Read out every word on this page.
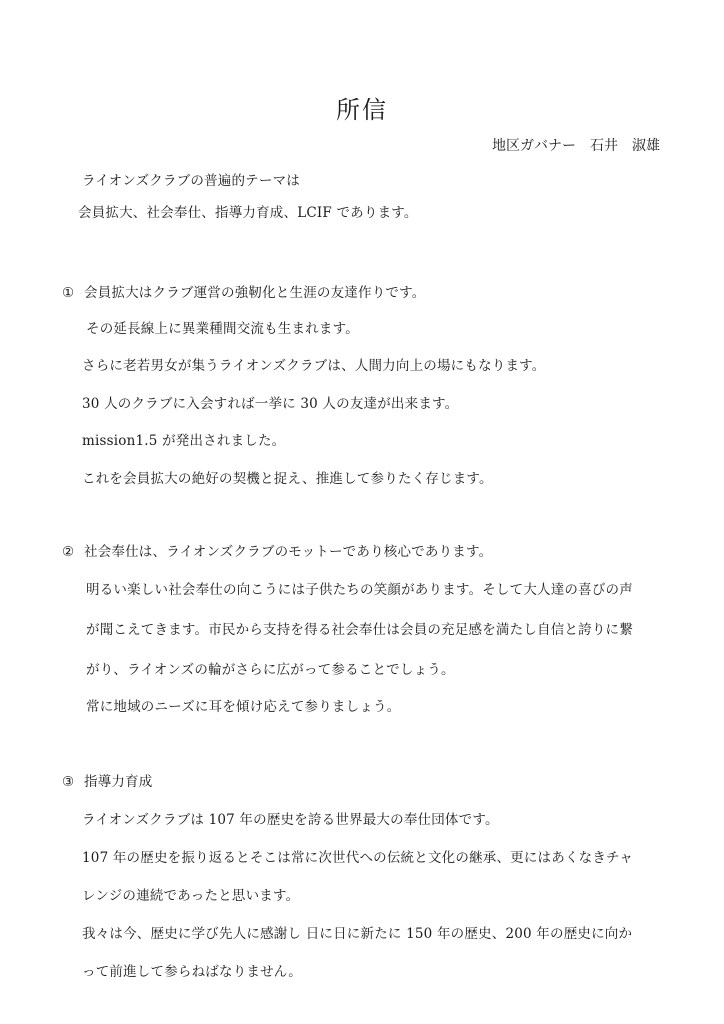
所信
地区ガバナー　石井　淑雄
ライオンズクラブの普遍的テーマは
会員拡大、社会奉仕、指導力育成、LCIF であります。
① 会員拡大はクラブ運営の強靭化と生涯の友達作りです。
その延長線上に異業種間交流も生まれます。
さらに老若男女が集うライオンズクラブは、人間力向上の場にもなります。
30 人のクラブに入会すれば一挙に 30 人の友達が出来ます。
mission1.5 が発出されました。
これを会員拡大の絶好の契機と捉え、推進して参りたく存じます。
② 社会奉仕は、ライオンズクラブのモットーであり核心であります。
明るい楽しい社会奉仕の向こうには子供たちの笑顔があります。そして大人達の喜びの声
が聞こえてきます。市民から支持を得る社会奉仕は会員の充足感を満たし自信と誇りに繋
がり、ライオンズの輪がさらに広がって参ることでしょう。
常に地域のニーズに耳を傾け応えて参りましょう。
③ 指導力育成
ライオンズクラブは 107 年の歴史を誇る世界最大の奉仕団体です。
107 年の歴史を振り返るとそこは常に次世代への伝統と文化の継承、更にはあくなきチャ
レンジの連続であったと思います。
我々は今、歴史に学び先人に感謝し 日に日に新たに 150 年の歴史、200 年の歴史に向か
って前進して参らねばなりません。
